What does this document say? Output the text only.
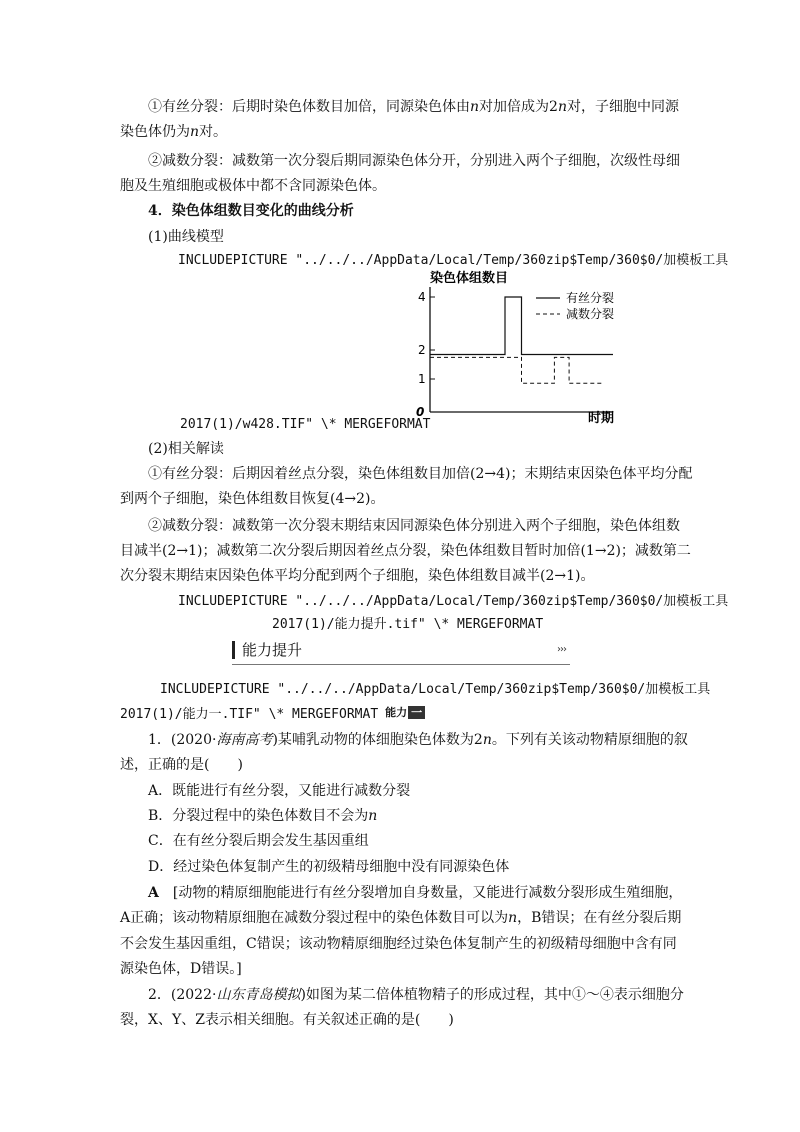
①有丝分裂：后期时染色体数目加倍，同源染色体由n对加倍成为2n对，子细胞中同源
染色体仍为n对。
②减数分裂：减数第一次分裂后期同源染色体分开，分别进入两个子细胞，次级性母细
胞及生殖细胞或极体中都不含同源染色体。
4．染色体组数目变化的曲线分析
(1)曲线模型
INCLUDEPICTURE "../../../AppData/Local/Temp/360zip$Temp/360$0/加模板工具
染色体组数目
4
2
1
0	时期
有丝分裂
减数分裂
2017(1)/w428.TIF" \* MERGEFORMAT
(2)相关解读
①有丝分裂：后期因着丝点分裂，染色体组数目加倍(2→4)；末期结束因染色体平均分配
到两个子细胞，染色体组数目恢复(4→2)。
②减数分裂：减数第一次分裂末期结束因同源染色体分别进入两个子细胞，染色体组数
目减半(2→1)；减数第二次分裂后期因着丝点分裂，染色体组数目暂时加倍(1→2)；减数第二
次分裂末期结束因染色体平均分配到两个子细胞，染色体组数目减半(2→1)。
INCLUDEPICTURE "../../../AppData/Local/Temp/360zip$Temp/360$0/加模板工具
2017(1)/能力提升.tif" \* MERGEFORMAT
能力提升	›››
INCLUDEPICTURE "../../../AppData/Local/Temp/360zip$Temp/360$0/加模板工具
2017(1)/能力一.TIF" \* MERGEFORMAT 能力 一
1．(2020·海南高考)某哺乳动物的体细胞染色体数为2n。下列有关该动物精原细胞的叙
述，正确的是(　　)
A．既能进行有丝分裂，又能进行减数分裂
B．分裂过程中的染色体数目不会为n
C．在有丝分裂后期会发生基因重组
D．经过染色体复制产生的初级精母细胞中没有同源染色体
A　 [动物的精原细胞能进行有丝分裂增加自身数量，又能进行减数分裂形成生殖细胞，
A正确；该动物精原细胞在减数分裂过程中的染色体数目可以为n，B错误；在有丝分裂后期
不会发生基因重组，C错误；该动物精原细胞经过染色体复制产生的初级精母细胞中含有同
源染色体，D错误。]
2．(2022·山东青岛模拟)如图为某二倍体植物精子的形成过程，其中①～④表示细胞分
裂，X、Y、Z表示相关细胞。有关叙述正确的是(　　)
